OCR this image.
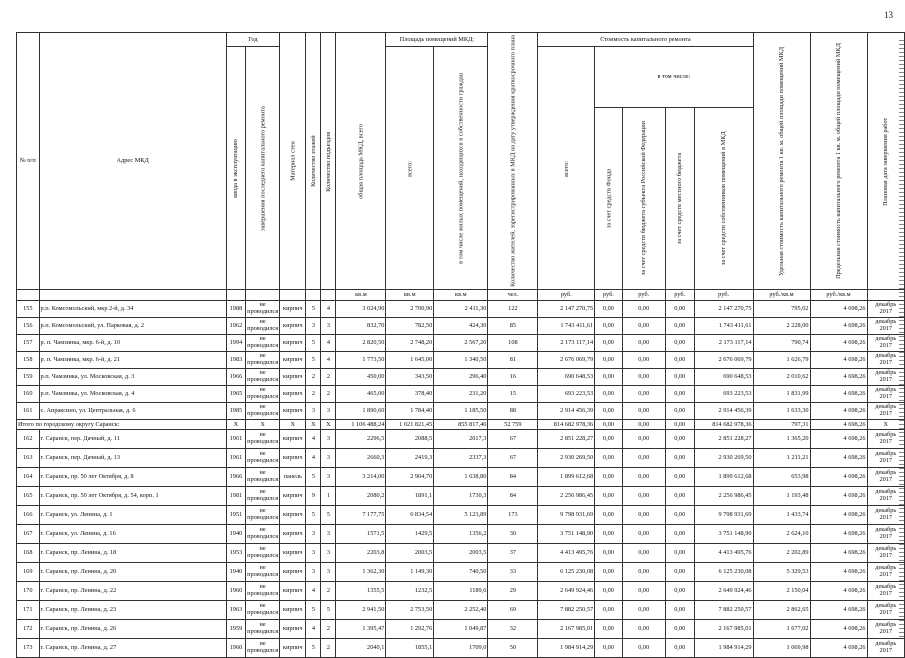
13
№ п/п	Адрес МКД	Год		Материал стен	Количество этажей	Количество подъездов	общая площадь МКД, всего	Площадь помещений МКД:		Количество жителей, зарегистрированных в МКД на дату утверждения краткосрочного плана	Стоимость капитального ремонта					Удельная стоимость капитального ремонта 1 кв. м. общей площади помещений МКД	Предельная стоимость капитального ремонта 1 кв. м. общей площади помещений МКД	Плановая дата завершения работ
		ввода в эксплуатацию	завершения последнего капитального ремонта					всего:	в том числе жилых помещений, находящихся в собственности граждан		всего:	в том числе:						
												за счет средств Фонда	за счет средств бюджета субъекта Российской Федерации	за счет средств местного бюджета	за счет средств собственников помещений в МКД			
							кв.м	кв.м	кв.м	чел.	руб.	руб.	руб.	руб.	руб.	руб./кв.м	руб./кв.м	
155	р.п. Комсомольский, мкр 2-й, д. 34	1988	не проводился	кирпич	5	4	3 024,90	2 700,90	2 411,30	122	2 147 270,75	0,00	0,00	0,00	2 147 270,75	795,02	4 698,26	декабрь 2017
156	р.п. Комсомольский, ул. Парковая, д. 2	1962	не проводился	кирпич	3	3	832,70	782,50	424,30	85	1 743 411,61	0,00	0,00	0,00	1 743 411,61	2 228,00	4 698,26	декабрь 2017
157	р. п. Чамзинка, мкр. 6-й, д. 10	1994	не проводился	кирпич	5	4	2 820,50	2 748,20	2 567,20	108	2 173 117,14	0,00	0,00	0,00	2 173 117,14	790,74	4 698,26	декабрь 2017
158	р. п. Чамзинка, мкр. 6-й, д. 21	1983	не проводился	кирпич	5	4	1 773,50	1 645,00	1 340,50	81	2 676 069,79	0,00	0,00	0,00	2 676 069,79	1 626,79	4 698,26	декабрь 2017
159	р.п. Чамзинка, ул. Московская, д. 3	1966	не проводился	кирпич	2	2	450,00	343,50	296,40	16	690 648,53	0,00	0,00	0,00	690 648,53	2 010,62	4 698,26	декабрь 2017
160	р.п. Чамзинка, ул. Московская, д. 4	1965	не проводился	кирпич	2	2	465,00	378,40	231,20	15	693 223,53	0,00	0,00	0,00	693 223,53	1 831,99	4 698,26	декабрь 2017
161	с. Апраксино, ул. Центральная, д. 6	1985	не проводился	кирпич	3	3	1 890,60	1 784,40	1 185,50	88	2 914 456,39	0,00	0,00	0,00	2 914 456,39	1 633,30	4 698,26	декабрь 2017
Итого по городскому округу Саранск:		X	X	X	X	X	1 106 488,24	1 021 821,45	855 817,46	52 759	814 682 978,36	0,00	0,00	0,00	814 682 978,36	797,31	4 698,26	X
162	г. Саранск, пер. Дачный, д. 11	1961	не проводился	кирпич	4	3	2296,5	2088,5	2017,3	67	2 851 228,27	0,00	0,00	0,00	2 851 228,27	1 365,20	4 698,26	декабрь 2017
163	г. Саранск, пер. Дачный, д. 13	1961	не проводился	кирпич	4	3	2660,3	2419,3	2337,3	67	2 930 269,50	0,00	0,00	0,00	2 930 269,50	1 211,21	4 698,26	декабрь 2017
164	г. Саранск, пр. 50 лет Октября, д. 8	1966	не проводился	панель	5	3	3 214,00	2 904,70	1 638,80	84	1 899 612,68	0,00	0,00	0,00	1 899 612,68	653,98	4 698,26	декабрь 2017
165	г. Саранск, пр. 50 лет Октября, д. 54, корп. 1	1981	не проводился	кирпич	9	1	2080,2	1891,1	1730,3	84	2 256 986,45	0,00	0,00	0,00	2 256 986,45	1 193,48	4 698,26	декабрь 2017
166	г. Саранск, ул. Ленина, д. 1	1951	не проводился	кирпич	5	5	7 177,75	6 834,54	5 123,89	173	9 798 931,69	0,00	0,00	0,00	9 798 931,69	1 433,74	4 698,26	декабрь 2017
167	г. Саранск, ул. Ленина, д. 16	1940	не проводился	кирпич	3	3	1571,5	1429,5	1356,2	30	3 751 148,90	0,00	0,00	0,00	3 751 148,90	2 624,10	4 698,26	декабрь 2017
168	г. Саранск, пр. Ленина, д. 18	1953	не проводился	кирпич	3	3	2203,8	2003,5	2003,5	37	4 413 495,76	0,00	0,00	0,00	4 413 495,76	2 202,89	4 698,26	декабрь 2017
169	г. Саранск, пр. Ленина, д. 20	1940	не проводился	кирпич	3	3	1 362,30	1 149,30	740,50	33	6 125 230,08	0,00	0,00	0,00	6 125 230,08	5 329,53	4 698,26	декабрь 2017
170	г. Саранск, пр. Ленина, д. 22	1960	не проводился	кирпич	4	2	1355,5	1232,5	1189,6	29	2 649 924,46	0,00	0,00	0,00	2 649 924,46	2 150,04	4 698,26	декабрь 2017
171	г. Саранск, пр. Ленина, д. 23	1963	не проводился	кирпич	5	5	2 941,50	2 753,50	2 252,40	69	7 882 250,57	0,00	0,00	0,00	7 882 250,57	2 862,65	4 698,26	декабрь 2017
172	г. Саранск, пр. Ленина, д. 26	1959	не проводился	кирпич	4	2	1 395,47	1 292,76	1 049,87	32	2 167 985,01	0,00	0,00	0,00	2 167 985,01	1 677,02	4 698,26	декабрь 2017
173	г. Саранск, пр. Ленина, д. 27	1960	не проводился	кирпич	5	2	2040,1	1855,1	1709,0	50	1 984 914,29	0,00	0,00	0,00	1 984 914,29	1 069,98	4 698,26	декабрь 2017
